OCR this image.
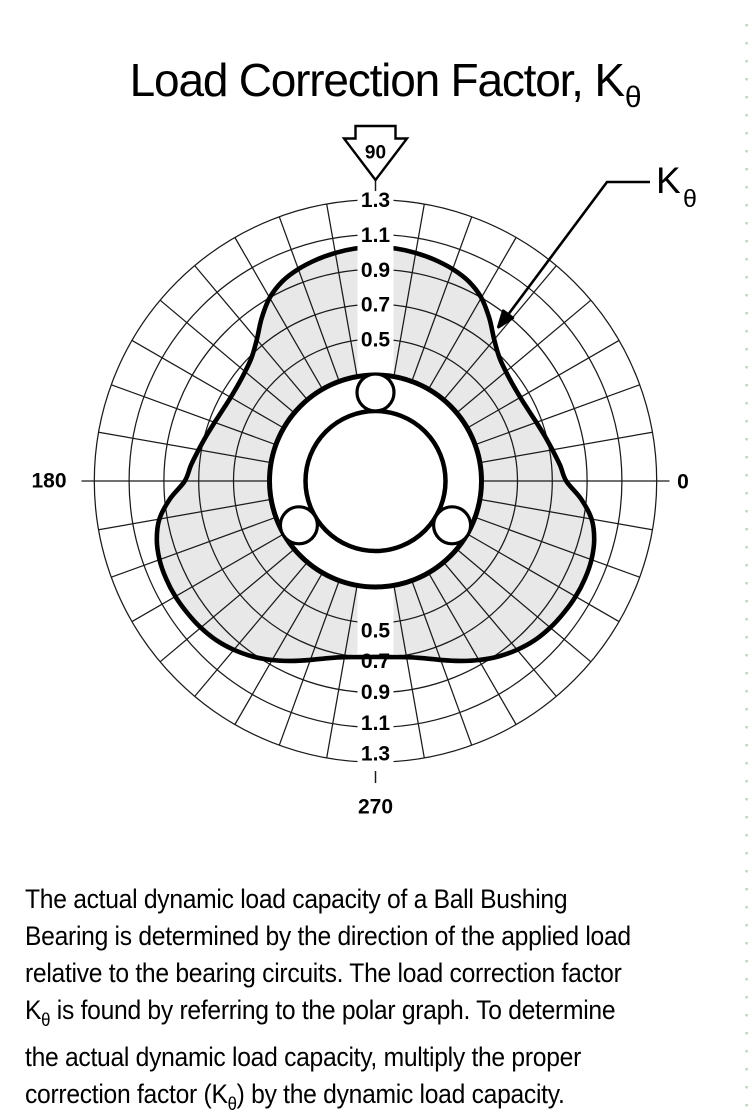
Load Correction Factor, $K_\theta$
1.3
1.1
0.9
0.7
0.5
0.5
0.7
0.9
1.1
1.3
0
180
270
90
K θ
The actual dynamic load capacity of a Ball Bushing
Bearing is determined by the direction of the applied load
relative to the bearing circuits. The load correction factor
$K_\theta$ is found by referring to the polar graph. To determine
the actual dynamic load capacity, multiply the proper
correction factor $(K_\theta)$ by the dynamic load capacity.
